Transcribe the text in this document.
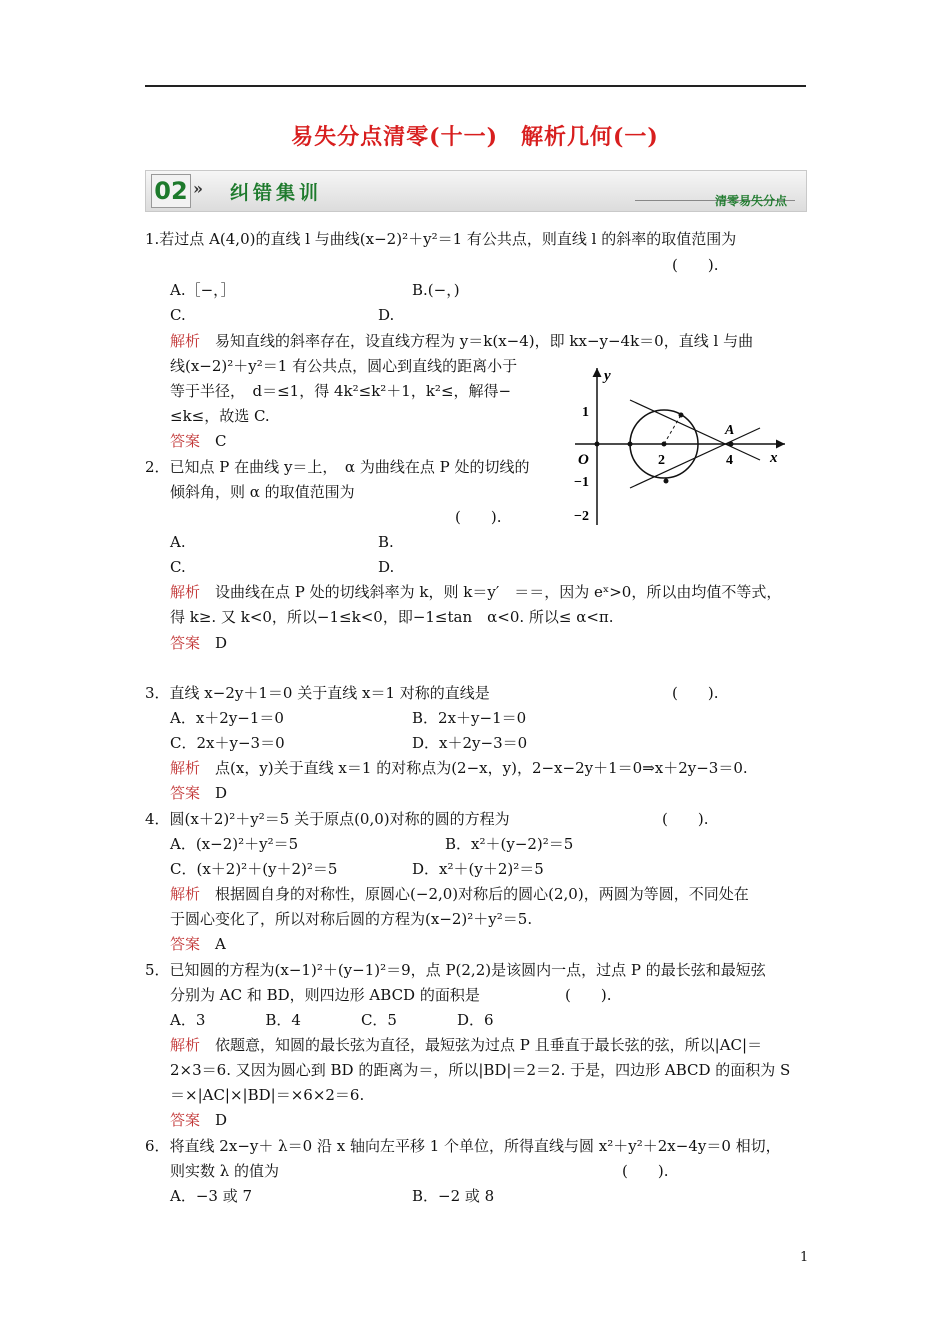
易失分点清零(十一)　解析几何(一)
02 » 纠错集训	清零易失分点
1.若过点 A(4,0)的直线 l 与曲线(x−2)²＋y²＝1 有公共点，则直线 l 的斜率的取值范围为
(　　).
A.［−，］	B.(−，)
C.	D.
解析　易知直线的斜率存在，设直线方程为 y＝k(x−4)，即 kx−y−4k＝0，直线 l 与曲
线(x−2)²＋y²＝1 有公共点，圆心到直线的距离小于
等于半径，　d＝≤1，得 4k²≤k²＋1，k²≤，解得−
≤k≤，故选 C.
答案　C
2．已知点 P 在曲线 y＝上，　α 为曲线在点 P 处的切线的
倾斜角，则 α 的取值范围为
(　　).
A.	B.
C.	D.
解析　设曲线在点 P 处的切线斜率为 k，则 k＝y′　＝＝，因为 eˣ>0，所以由均值不等式，
得 k≥. 又 k<0，所以−1≤k<0，即−1≤tan　α<0. 所以≤ α<π.
答案　D
3．直线 x−2y＋1＝0 关于直线 x＝1 对称的直线是	(　　).
A．x＋2y−1＝0	B．2x＋y−1＝0
C．2x＋y−3＝0	D．x＋2y−3＝0
解析　点(x，y)关于直线 x＝1 的对称点为(2−x，y)，2−x−2y＋1＝0⇒x＋2y−3＝0.
答案　D
4．圆(x＋2)²＋y²＝5 关于原点(0,0)对称的圆的方程为	(　　).
A．(x−2)²＋y²＝5	B．x²＋(y−2)²＝5
C．(x＋2)²＋(y＋2)²＝5	D．x²＋(y＋2)²＝5
解析　根据圆自身的对称性，原圆心(−2,0)对称后的圆心(2,0)，两圆为等圆，不同处在
于圆心变化了，所以对称后圆的方程为(x−2)²＋y²＝5.
答案　A
5．已知圆的方程为(x−1)²＋(y−1)²＝9，点 P(2,2)是该圆内一点，过点 P 的最长弦和最短弦
分别为 AC 和 BD，则四边形 ABCD 的面积是	(　　).
A．3　　　　B．4　　　　C．5　　　　D．6
解析　依题意，知圆的最长弦为直径，最短弦为过点 P 且垂直于最长弦的弦，所以|AC|＝
2×3＝6. 又因为圆心到 BD 的距离为＝，所以|BD|＝2＝2. 于是，四边形 ABCD 的面积为 S
＝×|AC|×|BD|＝×6×2＝6.
答案　D
6．将直线 2x−y＋ λ＝0 沿 x 轴向左平移 1 个单位，所得直线与圆 x²＋y²＋2x−4y＝0 相切，
则实数 λ 的值为	(　　).
A．−3 或 7	B．−2 或 8
y
x
O
1
−1
−2
2	4
A
1
